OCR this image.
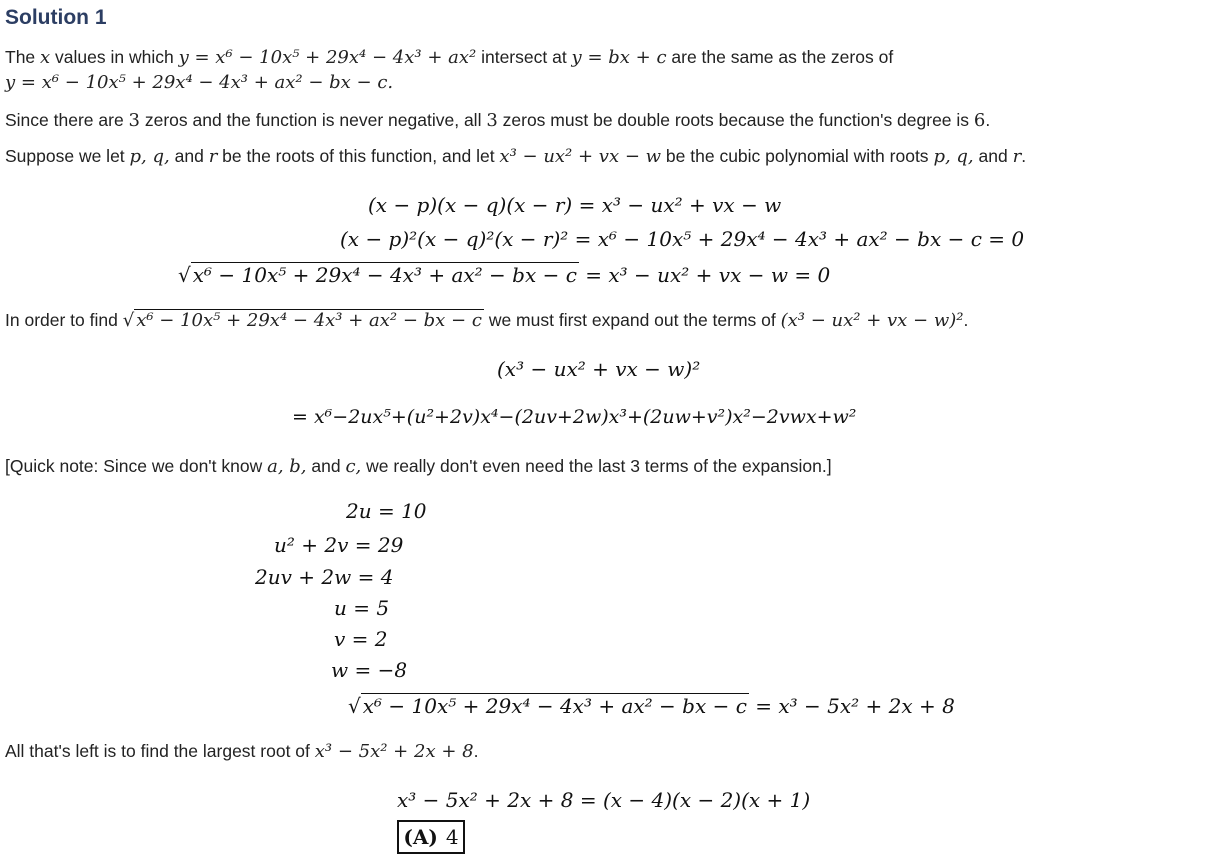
Solution 1
The x values in which y = x⁶ − 10x⁵ + 29x⁴ − 4x³ + ax² intersect at y = bx + c are the same as the zeros of
y = x⁶ − 10x⁵ + 29x⁴ − 4x³ + ax² − bx − c.
Since there are 3 zeros and the function is never negative, all 3 zeros must be double roots because the function's degree is 6.
Suppose we let p, q, and r be the roots of this function, and let x³ − ux² + vx − w be the cubic polynomial with roots p, q, and r.
(x − p)(x − q)(x − r) = x³ − ux² + vx − w
(x − p)²(x − q)²(x − r)² = x⁶ − 10x⁵ + 29x⁴ − 4x³ + ax² − bx − c = 0
√ x⁶ − 10x⁵ + 29x⁴ − 4x³ + ax² − bx − c = x³ − ux² + vx − w = 0
In order to find √ x⁶ − 10x⁵ + 29x⁴ − 4x³ + ax² − bx − c we must first expand out the terms of (x³ − ux² + vx − w)².
(x³ − ux² + vx − w)²
= x⁶−2ux⁵+(u²+2v)x⁴−(2uv+2w)x³+(2uw+v²)x²−2vwx+w²
[Quick note: Since we don't know a, b, and c, we really don't even need the last 3 terms of the expansion.]
2u = 10
u² + 2v = 29
2uv + 2w = 4
u = 5
v = 2
w = −8
√ x⁶ − 10x⁵ + 29x⁴ − 4x³ + ax² − bx − c = x³ − 5x² + 2x + 8
All that's left is to find the largest root of x³ − 5x² + 2x + 8.
x³ − 5x² + 2x + 8 = (x − 4)(x − 2)(x + 1)
(A) 4
